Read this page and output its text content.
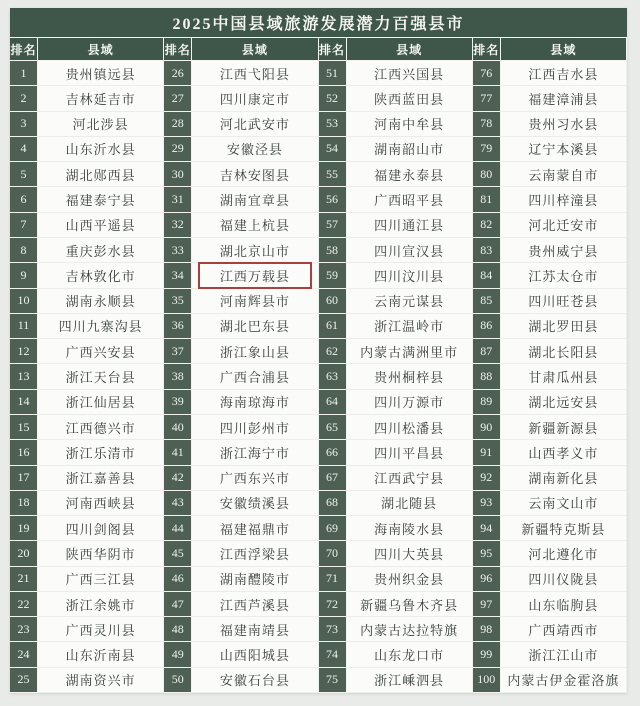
2025中国县域旅游发展潜力百强县市
排名	县域
1	贵州镇远县
2	吉林延吉市
3	河北涉县
4	山东沂水县
5	湖北郧西县
6	福建泰宁县
7	山西平遥县
8	重庆彭水县
9	吉林敦化市
10	湖南永顺县
11	四川九寨沟县
12	广西兴安县
13	浙江天台县
14	浙江仙居县
15	江西德兴市
16	浙江乐清市
17	浙江嘉善县
18	河南西峡县
19	四川剑阁县
20	陕西华阴市
21	广西三江县
22	浙江余姚市
23	广西灵川县
24	山东沂南县
25	湖南资兴市
排名	县域
26	江西弋阳县
27	四川康定市
28	河北武安市
29	安徽泾县
30	吉林安图县
31	湖南宜章县
32	福建上杭县
33	湖北京山市
34	江西万载县
35	河南辉县市
36	湖北巴东县
37	浙江象山县
38	广西合浦县
39	海南琼海市
40	四川彭州市
41	浙江海宁市
42	广西东兴市
43	安徽绩溪县
44	福建福鼎市
45	江西浮梁县
46	湖南醴陵市
47	江西芦溪县
48	福建南靖县
49	山西阳城县
50	安徽石台县
排名	县域
51	江西兴国县
52	陕西蓝田县
53	河南中牟县
54	湖南韶山市
55	福建永泰县
56	广西昭平县
57	四川通江县
58	四川宣汉县
59	四川汶川县
60	云南元谋县
61	浙江温岭市
62	内蒙古满洲里市
63	贵州桐梓县
64	四川万源市
65	四川松潘县
66	四川平昌县
67	江西武宁县
68	湖北随县
69	海南陵水县
70	四川大英县
71	贵州织金县
72	新疆乌鲁木齐县
73	内蒙古达拉特旗
74	山东龙口市
75	浙江嵊泗县
排名	县域
76	江西吉水县
77	福建漳浦县
78	贵州习水县
79	辽宁本溪县
80	云南蒙自市
81	四川梓潼县
82	河北迁安市
83	贵州威宁县
84	江苏太仓市
85	四川旺苍县
86	湖北罗田县
87	湖北长阳县
88	甘肃瓜州县
89	湖北远安县
90	新疆新源县
91	山西孝义市
92	湖南新化县
93	云南文山市
94	新疆特克斯县
95	河北遵化市
96	四川仪陇县
97	山东临朐县
98	广西靖西市
99	浙江江山市
100 内蒙古伊金霍洛旗
